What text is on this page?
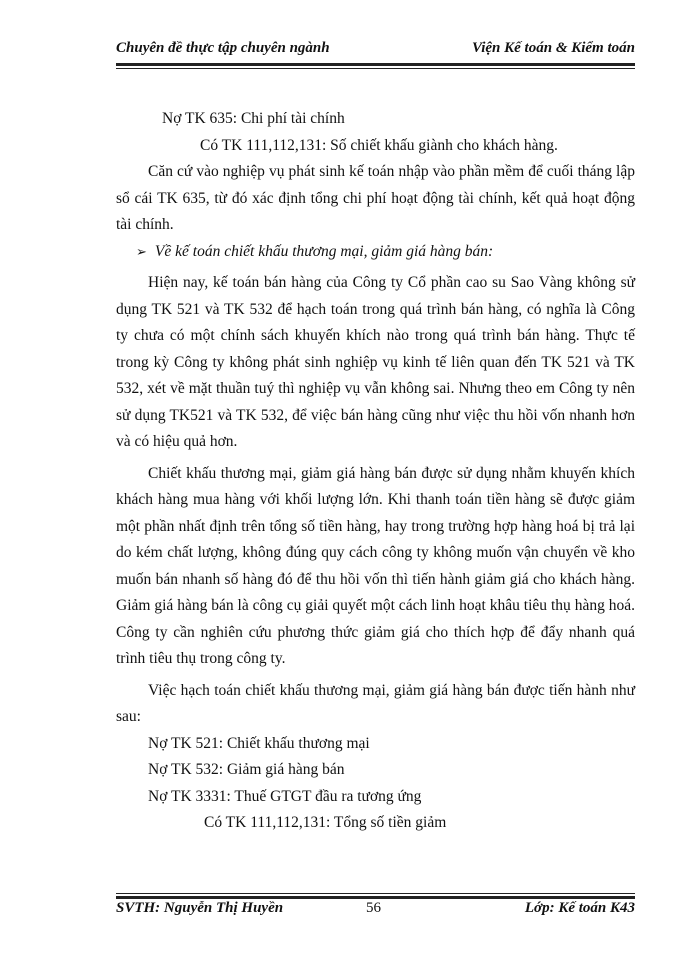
Chuyên đề thực tập chuyên ngành	Viện Kế toán & Kiểm toán

Nợ TK 635: Chi phí tài chính

Có TK 111,112,131: Số chiết khấu giành cho khách hàng.

Căn cứ vào nghiệp vụ phát sinh kế toán nhập vào phần mềm để cuối tháng lập sổ cái TK 635, từ đó xác định tổng chi phí hoạt động tài chính, kết quả hoạt động tài chính.

➢ Về kế toán chiết khấu thương mại, giảm giá hàng bán:

Hiện nay, kế toán bán hàng của Công ty Cổ phần cao su Sao Vàng không sử dụng TK 521 và TK 532 để hạch toán trong quá trình bán hàng, có nghĩa là Công ty chưa có một chính sách khuyến khích nào trong quá trình bán hàng. Thực tế trong kỳ Công ty không phát sinh nghiệp vụ kinh tế liên quan đến TK 521 và TK 532, xét về mặt thuần tuý thì nghiệp vụ vẫn không sai. Nhưng theo em Công ty nên sử dụng TK521 và TK 532, để việc bán hàng cũng như việc thu hồi vốn nhanh hơn và có hiệu quả hơn.

Chiết khấu thương mại, giảm giá hàng bán được sử dụng nhằm khuyến khích khách hàng mua hàng với khối lượng lớn. Khi thanh toán tiền hàng sẽ được giảm một phần nhất định trên tổng số tiền hàng, hay trong trường hợp hàng hoá bị trả lại do kém chất lượng, không đúng quy cách công ty không muốn vận chuyển về kho muốn bán nhanh số hàng đó để thu hồi vốn thì tiến hành giảm giá cho khách hàng. Giảm giá hàng bán là công cụ giải quyết một cách linh hoạt khâu tiêu thụ hàng hoá. Công ty cần nghiên cứu phương thức giảm giá cho thích hợp để đẩy nhanh quá trình tiêu thụ trong công ty.

Việc hạch toán chiết khấu thương mại, giảm giá hàng bán được tiến hành như sau:

Nợ TK 521: Chiết khấu thương mại

Nợ TK 532: Giảm giá hàng bán

Nợ TK 3331: Thuế GTGT đầu ra tương ứng

Có TK 111,112,131: Tổng số tiền giảm

SVTH: Nguyễn Thị Huyền	56	Lớp: Kế toán K43
